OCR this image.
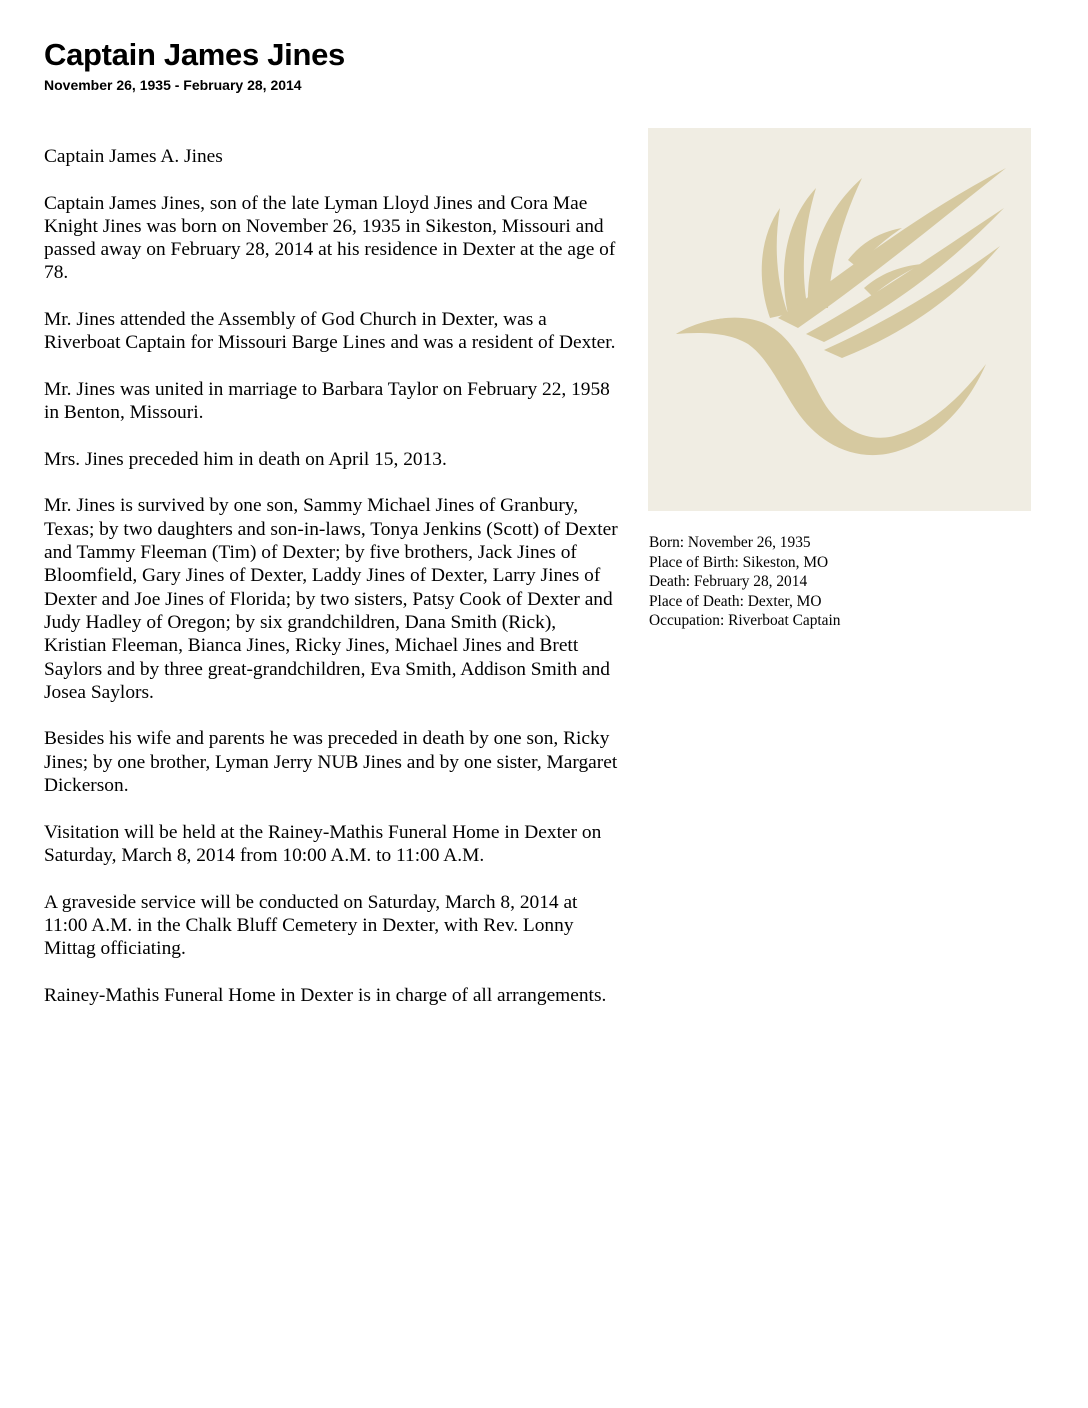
Captain James Jines
November 26, 1935 - February 28, 2014

Captain James A. Jines

Captain James Jines, son of the late Lyman Lloyd Jines and Cora Mae Knight Jines was born on November 26, 1935 in Sikeston, Missouri and passed away on February 28, 2014 at his residence in Dexter at the age of 78.

Mr. Jines attended the Assembly of God Church in Dexter, was a Riverboat Captain for Missouri Barge Lines and was a resident of Dexter.

Mr. Jines was united in marriage to Barbara Taylor on February 22, 1958 in Benton, Missouri.

Mrs. Jines preceded him in death on April 15, 2013.

Mr. Jines is survived by one son, Sammy Michael Jines of Granbury, Texas; by two daughters and son-in-laws, Tonya Jenkins (Scott) of Dexter and Tammy Fleeman (Tim) of Dexter; by five brothers, Jack Jines of Bloomfield, Gary Jines of Dexter, Laddy Jines of Dexter, Larry Jines of Dexter and Joe Jines of Florida; by two sisters, Patsy Cook of Dexter and Judy Hadley of Oregon; by six grandchildren, Dana Smith (Rick), Kristian Fleeman, Bianca Jines, Ricky Jines, Michael Jines and Brett Saylors and by three great-grandchildren, Eva Smith, Addison Smith and Josea Saylors.

Besides his wife and parents he was preceded in death by one son, Ricky Jines; by one brother, Lyman Jerry NUB Jines and by one sister, Margaret Dickerson.

Visitation will be held at the Rainey-Mathis Funeral Home in Dexter on Saturday, March 8, 2014 from 10:00 A.M. to 11:00 A.M.

A graveside service will be conducted on Saturday, March 8, 2014 at 11:00 A.M. in the Chalk Bluff Cemetery in Dexter, with Rev. Lonny Mittag officiating.

Rainey-Mathis Funeral Home in Dexter is in charge of all arrangements.

Born: November 26, 1935
Place of Birth: Sikeston, MO
Death: February 28, 2014
Place of Death: Dexter, MO
Occupation: Riverboat Captain
